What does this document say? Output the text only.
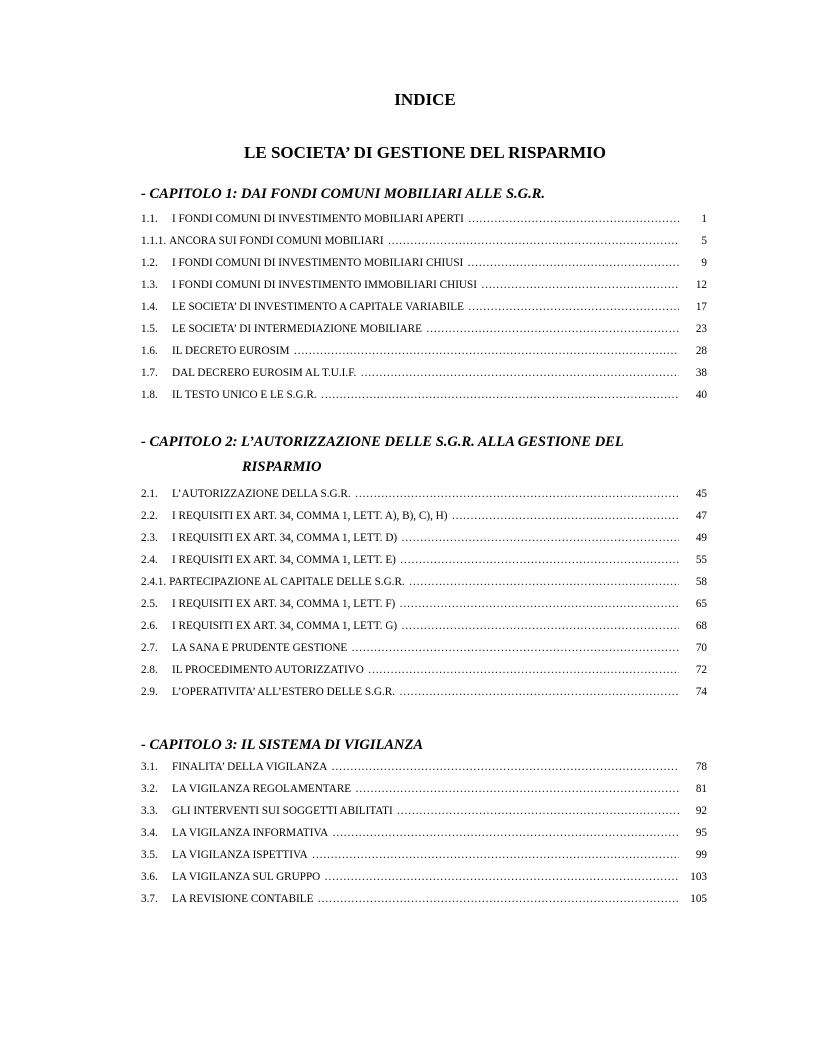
INDICE
LE SOCIETA’ DI GESTIONE DEL RISPARMIO
- CAPITOLO 1: DAI FONDI COMUNI MOBILIARI ALLE S.G.R.
1.1.	I FONDI COMUNI DI INVESTIMENTO MOBILIARI APERTI ……………………………………………………………………………………………………………………………………………………	1
1.1.1. ANCORA SUI FONDI COMUNI MOBILIARI ……………………………………………………………………………………………………………………………………………………	5
1.2.	I FONDI COMUNI DI INVESTIMENTO MOBILIARI CHIUSI ……………………………………………………………………………………………………………………………………………………	9
1.3.	I FONDI COMUNI DI INVESTIMENTO IMMOBILIARI CHIUSI ……………………………………………………………………………………………………………………………………………………	12
1.4.	LE SOCIETA’ DI INVESTIMENTO A CAPITALE VARIABILE ……………………………………………………………………………………………………………………………………………………	17
1.5.	LE SOCIETA’ DI INTERMEDIAZIONE MOBILIARE ……………………………………………………………………………………………………………………………………………………	23
1.6.	IL DECRETO EUROSIM ……………………………………………………………………………………………………………………………………………………	28
1.7.	DAL DECRERO EUROSIM AL T.U.I.F. ……………………………………………………………………………………………………………………………………………………	38
1.8.	IL TESTO UNICO E LE S.G.R. ……………………………………………………………………………………………………………………………………………………	40
- CAPITOLO 2: L’AUTORIZZAZIONE DELLE S.G.R. ALLA GESTIONE DEL
RISPARMIO
2.1.	L’AUTORIZZAZIONE DELLA S.G.R. ……………………………………………………………………………………………………………………………………………………	45
2.2.	I REQUISITI EX ART. 34, COMMA 1, LETT. A), B), C), H) ……………………………………………………………………………………………………………………………………………………	47
2.3.	I REQUISITI EX ART. 34, COMMA 1, LETT. D) ……………………………………………………………………………………………………………………………………………………	49
2.4.	I REQUISITI EX ART. 34, COMMA 1, LETT. E) ……………………………………………………………………………………………………………………………………………………	55
2.4.1. PARTECIPAZIONE AL CAPITALE DELLE S.G.R. ……………………………………………………………………………………………………………………………………………………	58
2.5.	I REQUISITI EX ART. 34, COMMA 1, LETT. F) ……………………………………………………………………………………………………………………………………………………	65
2.6.	I REQUISITI EX ART. 34, COMMA 1, LETT. G) ……………………………………………………………………………………………………………………………………………………	68
2.7.	LA SANA E PRUDENTE GESTIONE ……………………………………………………………………………………………………………………………………………………	70
2.8.	IL PROCEDIMENTO AUTORIZZATIVO ……………………………………………………………………………………………………………………………………………………	72
2.9.	L’OPERATIVITA’ ALL’ESTERO DELLE S.G.R. ……………………………………………………………………………………………………………………………………………………	74
- CAPITOLO 3: IL SISTEMA DI VIGILANZA
3.1.	FINALITA’ DELLA VIGILANZA ……………………………………………………………………………………………………………………………………………………	78
3.2.	LA VIGILANZA REGOLAMENTARE ……………………………………………………………………………………………………………………………………………………	81
3.3.	GLI INTERVENTI SUI SOGGETTI ABILITATI ……………………………………………………………………………………………………………………………………………………	92
3.4.	LA VIGILANZA INFORMATIVA ……………………………………………………………………………………………………………………………………………………	95
3.5.	LA VIGILANZA ISPETTIVA ……………………………………………………………………………………………………………………………………………………	99
3.6.	LA VIGILANZA SUL GRUPPO ……………………………………………………………………………………………………………………………………………………	103
3.7.	LA REVISIONE CONTABILE ……………………………………………………………………………………………………………………………………………………	105
